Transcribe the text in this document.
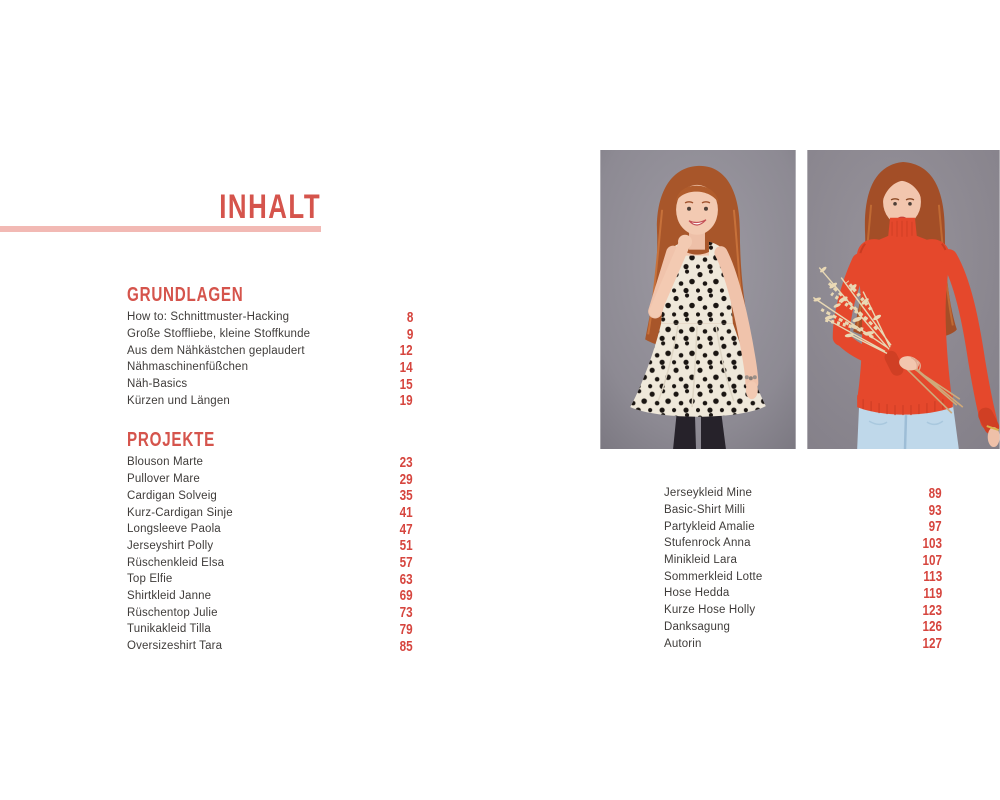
INHALT
GRUNDLAGEN
How to: Schnittmuster-Hacking	8
Große Stoffliebe, kleine Stoffkunde	9
Aus dem Nähkästchen geplaudert	12
Nähmaschinenfüßchen	14
Näh-Basics	15
Kürzen und Längen	19
PROJEKTE
Blouson Marte	23
Pullover Mare	29
Cardigan Solveig	35
Kurz-Cardigan Sinje	41
Longsleeve Paola	47
Jerseyshirt Polly	51
Rüschenkleid Elsa	57
Top Elfie	63
Shirtkleid Janne	69
Rüschentop Julie	73
Tunikakleid Tilla	79
Oversizeshirt Tara	85
Jerseykleid Mine	89
Basic-Shirt Milli	93
Partykleid Amalie	97
Stufenrock Anna	103
Minikleid Lara	107
Sommerkleid Lotte	113
Hose Hedda	119
Kurze Hose Holly	123
Danksagung	126
Autorin	127
